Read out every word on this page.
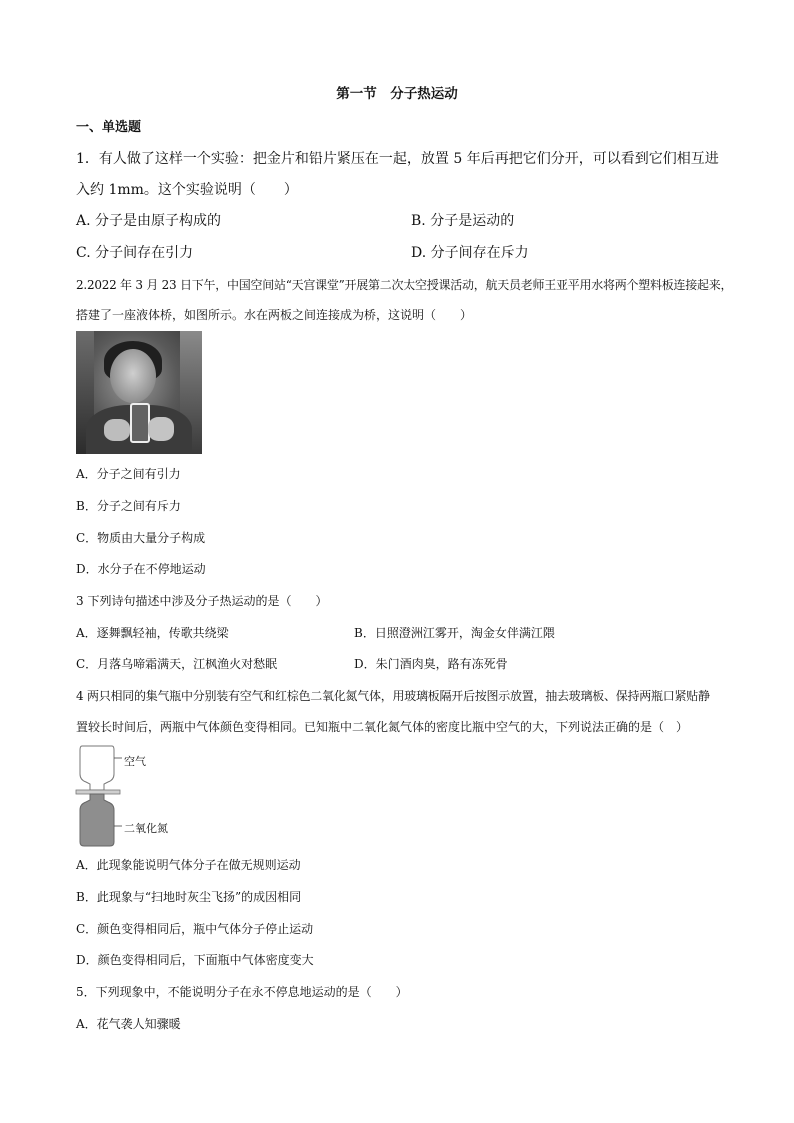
第一节　分子热运动
一、单选题
1．有人做了这样一个实验：把金片和铅片紧压在一起，放置 5 年后再把它们分开，可以看到它们相互进
入约 1mm。这个实验说明（　　）
A. 分子是由原子构成的	B. 分子是运动的
C. 分子间存在引力	D. 分子间存在斥力
2.2022 年 3 月 23 日下午，中国空间站“天宫课堂”开展第二次太空授课活动，航天员老师王亚平用水将两个塑料板连接起来，
搭建了一座液体桥，如图所示。水在两板之间连接成为桥，这说明（　　）
A．分子之间有引力
B．分子之间有斥力
C．物质由大量分子构成
D．水分子在不停地运动
3 下列诗句描述中涉及分子热运动的是（　　）
A．逐舞飘轻袖，传歌共绕梁	B．日照澄洲江雾开，淘金女伴满江隈
C．月落乌啼霜满天，江枫渔火对愁眠	D．朱门酒肉臭，路有冻死骨
4 两只相同的集气瓶中分别装有空气和红棕色二氧化氮气体，用玻璃板隔开后按图示放置，抽去玻璃板、保持两瓶口紧贴静
置较长时间后，两瓶中气体颜色变得相同。已知瓶中二氧化氮气体的密度比瓶中空气的大，下列说法正确的是（　）
空气
二氧化氮
A．此现象能说明气体分子在做无规则运动
B．此现象与“扫地时灰尘飞扬”的成因相同
C．颜色变得相同后，瓶中气体分子停止运动
D．颜色变得相同后，下面瓶中气体密度变大
5．下列现象中，不能说明分子在永不停息地运动的是（　　）
A．花气袭人知骤暖
